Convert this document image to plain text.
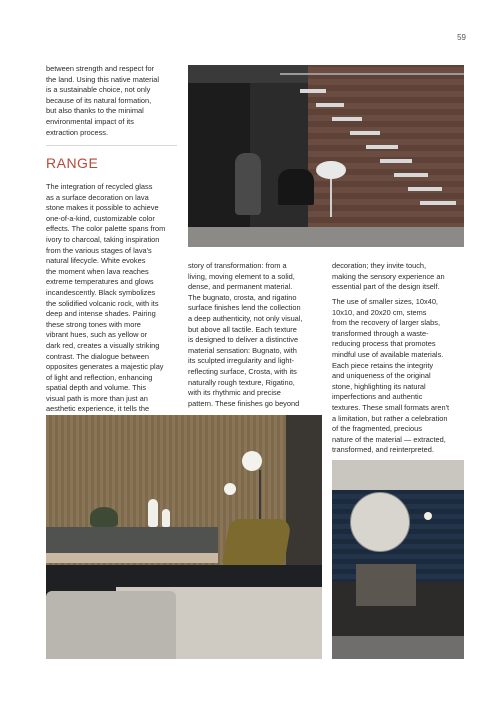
59

between strength and respect for

the land. Using this native material

is a sustainable choice, not only

because of its natural formation,

but also thanks to the minimal

environmental impact of its

extraction process.

RANGE

The integration of recycled glass

as a surface decoration on lava

stone makes it possible to achieve

one-of-a-kind, customizable color

effects. The color palette spans from

ivory to charcoal, taking inspiration

from the various stages of lava's

natural lifecycle. White evokes

the moment when lava reaches

extreme temperatures and glows

incandescently. Black symbolizes

the solidified volcanic rock, with its

deep and intense shades. Pairing

these strong tones with more

vibrant hues, such as yellow or

dark red, creates a visually striking

contrast. The dialogue between

opposites generates a majestic play

of light and reflection, enhancing

spatial depth and volume. This

visual path is more than just an

aesthetic experience, it tells the

story of transformation: from a

living, moving element to a solid,

dense, and permanent material.

The bugnato, crosta, and rigatino

surface finishes lend the collection

a deep authenticity, not only visual,

but above all tactile. Each texture

is designed to deliver a distinctive

material sensation: Bugnato, with

its sculpted irregularity and light-

reflecting surface, Crosta, with its

naturally rough texture, Rigatino,

with its rhythmic and precise

pattern. These finishes go beyond

decoration; they invite touch,

making the sensory experience an

essential part of the design itself.

The use of smaller sizes, 10x40,

10x10, and 20x20 cm, stems

from the recovery of larger slabs,

transformed through a waste-

reducing process that promotes

mindful use of available materials.

Each piece retains the integrity

and uniqueness of the original

stone, highlighting its natural

imperfections and authentic

textures. These small formats aren't

a limitation, but rather a celebration

of the fragmented, precious

nature of the material — extracted,

transformed, and reinterpreted.
